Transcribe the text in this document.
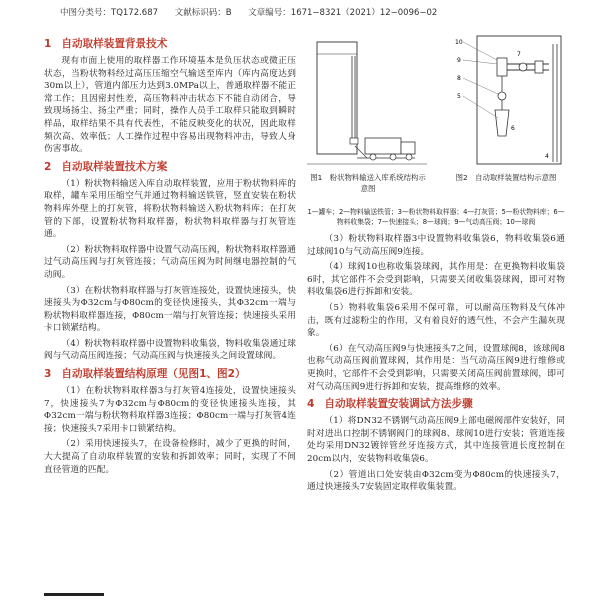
中图分类号：TQ172.687 文献标识码：B 文章编号：1671−8321（2021）12−0096−02
1 自动取样装置背景技术

现有市面上使用的取样器工作环境基本是负压状态或微正压状态，当粉状物料经过高压压缩空气输送至库内（库内高度达到30m以上），管道内部压力达到3.0MPa以上，普通取样器不能正常工作；且因密封性差，高压物料冲击状态下不能自动闭合，导致现场扬尘、扬尘严重；同时，操作人员手工取样只能取到瞬时样品，取样结果不具有代表性，不能反映变化的状况，因此取样频次高、效率低；人工操作过程中容易出现物料冲击，导致人身伤害事故。

2 自动取样装置技术方案

（1）粉状物料输送入库自动取样装置，应用于粉状物料库的取样，罐车采用压缩空气并通过物料输送铁管，竖直安装在粉状物料库外壁上的打灰管，将粉状物料输送入粉状物料库；在打灰管的下部，设置粉状物料取样器，粉状物料取样器与打灰管连通。

（2）粉状物料取样器中设置气动高压阀，粉状物料取样器通过气动高压阀与打灰管连接；气动高压阀为时间继电器控制的气动阀。

（3）在粉状物料取样器与打灰管连接处，设置快速接头，快速接头为Φ32cm与Φ80cm的变径快速接头，其Φ32cm一端与粉状物料取样器连接，Φ80cm一端与打灰管连接；快速接头采用卡口锁紧结构。

（4）粉状物料取样器中设置物料收集袋，物料收集袋通过球阀与气动高压阀连接；气动高压阀与快速接头之间设置球阀。

3 自动取样装置结构原理（见图1、图2）

（1）在粉状物料取样器3与打灰管4连接处，设置快速接头7，快速接头7为Φ32cm与Φ80cm的变径快速接头连接，其Φ32cm一端与粉状物料取样器3连接；Φ80cm一端与打灰管4连接；快速接头7采用卡口锁紧结构。

（2）采用快速接头7，在设备检修时，减少了更换的时间，大大提高了自动取样装置的安装和拆卸效率；同时，实现了不间直径管道的匹配。

10
9
8
7
5
6
4
图1　粉状物料输送入库系统结构示意图
图2　自动取样装置结构示意图
1—罐车；2—物料输送铁管；3—粉状物料取样器；4—打灰管；5—粉状物料库；6—物料收集袋；7—快速接头；8—球阀；9—气动高压阀；10—球阀

（3）粉状物料取样器3中设置物料收集袋6，物料收集袋6通过球阀10与气动高压阀9连接。

（4）球阀10也称收集袋球阀，其作用是：在更换物料收集袋6时，其它部件不会受到影响，只需要关闭收集袋球阀，即可对物料收集袋6进行拆卸和安装。

（5）物料收集袋6采用不保可靠，可以耐高压物料及气体冲击，既有过滤粉尘的作用，又有着良好的透气性，不会产生漏灰现象。

（6）在气动高压阀9与快速接头7之间，设置球阀8，该球阀8也称气动高压阀前置球阀，其作用是：当气动高压阀9进行维修或更换时，它部件不会受到影响，只需要关闭高压阀前置球阀，即可对气动高压阀9进行拆卸和安装，提高维修的效率。

4 自动取样装置安装调试方法步骤

（1）将DN32不锈钢气动高压阀9上部电磁阀部件安装好，同时对进出口控制不锈钢阀门的球阀8、球阀10进行安装；管道连接处均采用DN32镀锌管丝牙连接方式，其中连接管道长度控制在20cm以内，安装物料收集袋6。

（2）管道出口处安装由Φ32cm变为Φ80cm的快速接头7，通过快速接头7安装固定取样收集装置。
